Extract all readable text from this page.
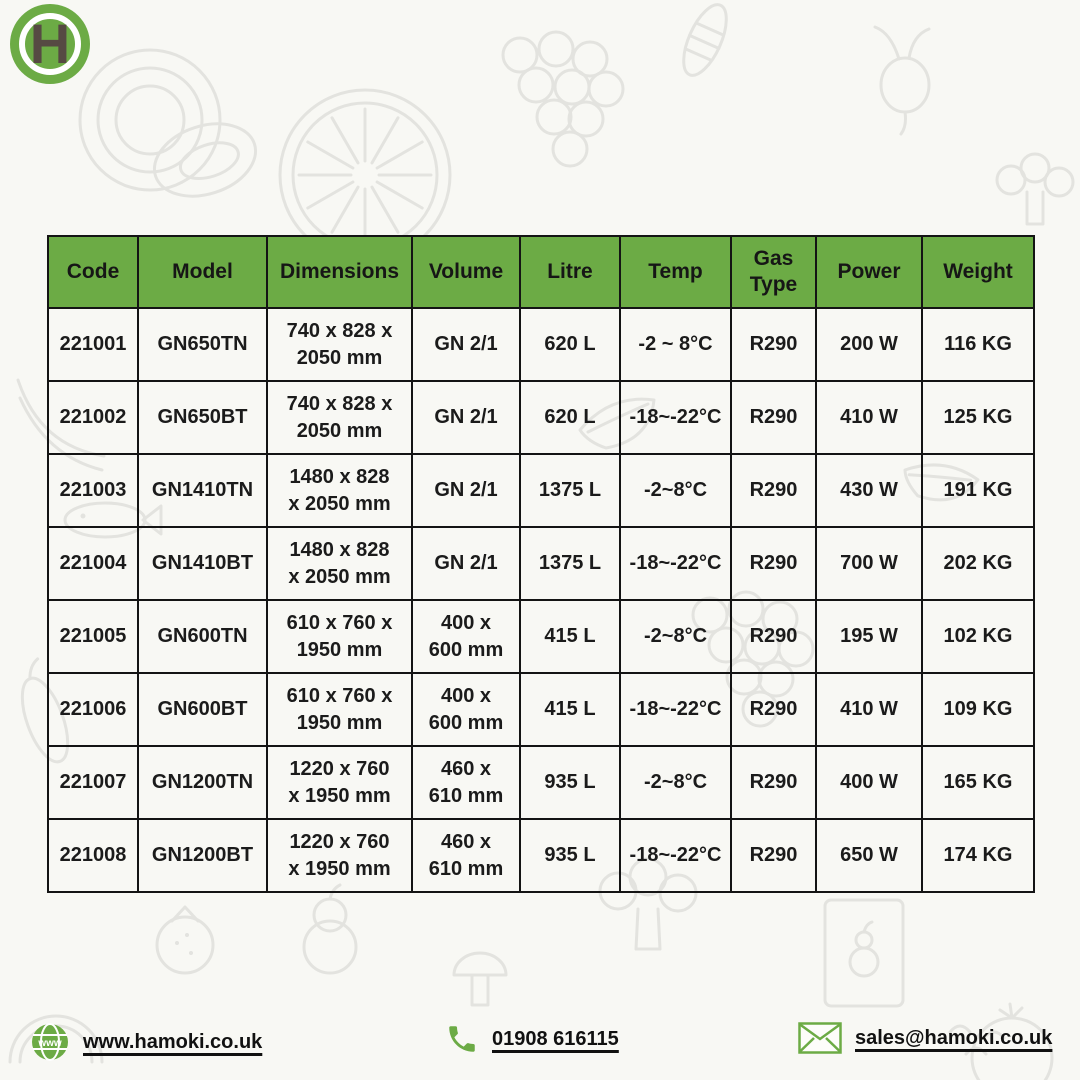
H
Code	Model	Dimensions	Volume	Litre	Temp	Gas Type	Power	Weight
221001	GN650TN	740 x 828 x 2050 mm	GN 2/1	620 L	-2 ~ 8°C	R290	200 W	116 KG
221002	GN650BT	740 x 828 x 2050 mm	GN 2/1	620 L	-18~-22°C	R290	410 W	125 KG
221003	GN1410TN	1480 x 828 x 2050 mm	GN 2/1	1375 L	-2~8°C	R290	430 W	191 KG
221004	GN1410BT	1480 x 828 x 2050 mm	GN 2/1	1375 L	-18~-22°C	R290	700 W	202 KG
221005	GN600TN	610 x 760 x 1950 mm	400 x 600 mm	415 L	-2~8°C	R290	195 W	102 KG
221006	GN600BT	610 x 760 x 1950 mm	400 x 600 mm	415 L	-18~-22°C	R290	410 W	109 KG
221007	GN1200TN	1220 x 760 x 1950 mm	460 x 610 mm	935 L	-2~8°C	R290	400 W	165 KG
221008	GN1200BT	1220 x 760 x 1950 mm	460 x 610 mm	935 L	-18~-22°C	R290	650 W	174 KG
www www.hamoki.co.uk	01908 616115	sales@hamoki.co.uk
